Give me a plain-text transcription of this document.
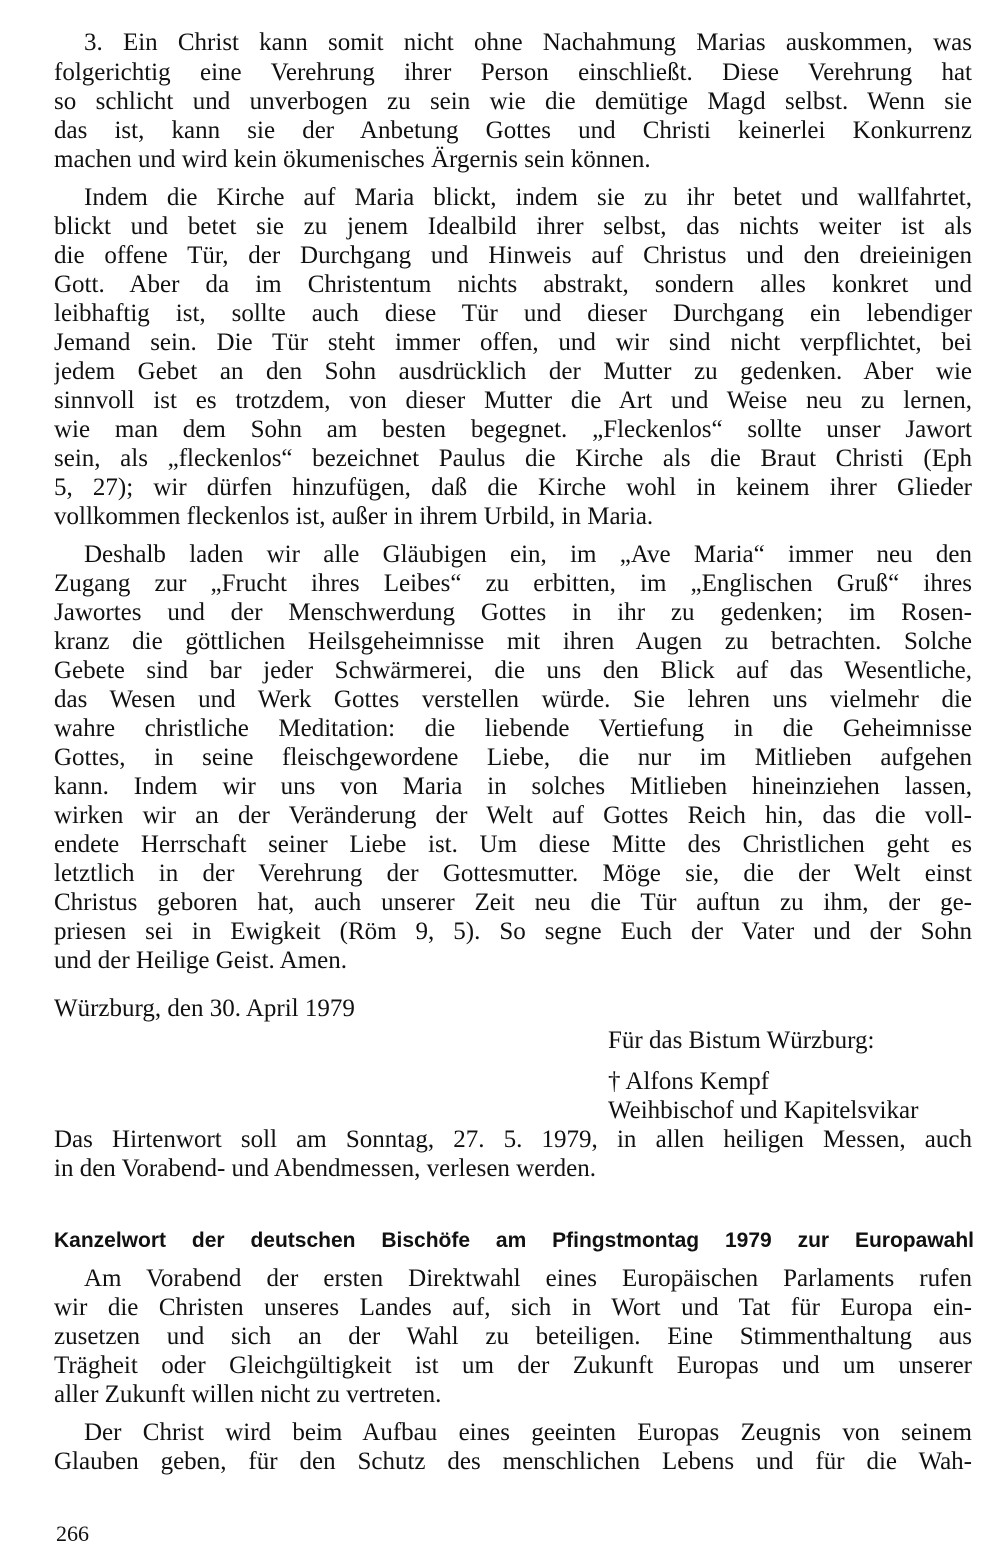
3. Ein Christ kann somit nicht ohne Nachahmung Marias auskommen, was
folgerichtig eine Verehrung ihrer Person einschließt. Diese Verehrung hat
so schlicht und unverbogen zu sein wie die demütige Magd selbst. Wenn sie
das ist, kann sie der Anbetung Gottes und Christi keinerlei Konkurrenz
machen und wird kein ökumenisches Ärgernis sein können.
Indem die Kirche auf Maria blickt, indem sie zu ihr betet und wallfahrtet,
blickt und betet sie zu jenem Idealbild ihrer selbst, das nichts weiter ist als
die offene Tür, der Durchgang und Hinweis auf Christus und den dreieinigen
Gott. Aber da im Christentum nichts abstrakt, sondern alles konkret und
leibhaftig ist, sollte auch diese Tür und dieser Durchgang ein lebendiger
Jemand sein. Die Tür steht immer offen, und wir sind nicht verpflichtet, bei
jedem Gebet an den Sohn ausdrücklich der Mutter zu gedenken. Aber wie
sinnvoll ist es trotzdem, von dieser Mutter die Art und Weise neu zu lernen,
wie man dem Sohn am besten begegnet. „Fleckenlos“ sollte unser Jawort
sein, als „fleckenlos“ bezeichnet Paulus die Kirche als die Braut Christi (Eph
5, 27); wir dürfen hinzufügen, daß die Kirche wohl in keinem ihrer Glieder
vollkommen fleckenlos ist, außer in ihrem Urbild, in Maria.
Deshalb laden wir alle Gläubigen ein, im „Ave Maria“ immer neu den
Zugang zur „Frucht ihres Leibes“ zu erbitten, im „Englischen Gruß“ ihres
Jawortes und der Menschwerdung Gottes in ihr zu gedenken; im Rosen-
kranz die göttlichen Heilsgeheimnisse mit ihren Augen zu betrachten. Solche
Gebete sind bar jeder Schwärmerei, die uns den Blick auf das Wesentliche,
das Wesen und Werk Gottes verstellen würde. Sie lehren uns vielmehr die
wahre christliche Meditation: die liebende Vertiefung in die Geheimnisse
Gottes, in seine fleischgewordene Liebe, die nur im Mitlieben aufgehen
kann. Indem wir uns von Maria in solches Mitlieben hineinziehen lassen,
wirken wir an der Veränderung der Welt auf Gottes Reich hin, das die voll-
endete Herrschaft seiner Liebe ist. Um diese Mitte des Christlichen geht es
letztlich in der Verehrung der Gottesmutter. Möge sie, die der Welt einst
Christus geboren hat, auch unserer Zeit neu die Tür auftun zu ihm, der ge-
priesen sei in Ewigkeit (Röm 9, 5). So segne Euch der Vater und der Sohn
und der Heilige Geist. Amen.
Würzburg, den 30. April 1979
Für das Bistum Würzburg:
† Alfons Kempf
Weihbischof und Kapitelsvikar
Das Hirtenwort soll am Sonntag, 27. 5. 1979, in allen heiligen Messen, auch
in den Vorabend- und Abendmessen, verlesen werden.
Kanzelwort der deutschen Bischöfe am Pfingstmontag 1979 zur Europawahl
Am Vorabend der ersten Direktwahl eines Europäischen Parlaments rufen
wir die Christen unseres Landes auf, sich in Wort und Tat für Europa ein-
zusetzen und sich an der Wahl zu beteiligen. Eine Stimmenthaltung aus
Trägheit oder Gleichgültigkeit ist um der Zukunft Europas und um unserer
aller Zukunft willen nicht zu vertreten.
Der Christ wird beim Aufbau eines geeinten Europas Zeugnis von seinem
Glauben geben, für den Schutz des menschlichen Lebens und für die Wah-
266
